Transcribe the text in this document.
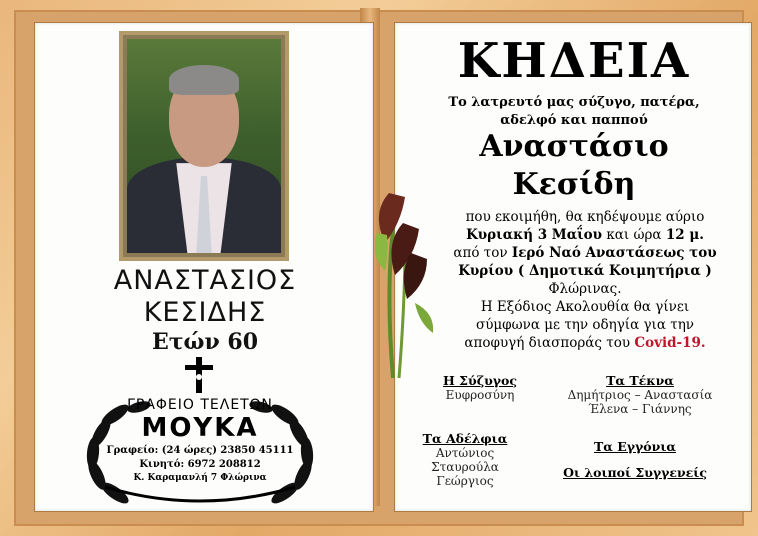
ΑΝΑΣΤΑΣΙΟΣ
ΚΕΣΙΔΗΣ
Ετών 60
ΓΡΑΦΕΙΟ ΤΕΛΕΤΩΝ
ΜΟΥΚΑ
Γραφείο: (24 ώρες) 23850 45111
Κινητό: 6972 208812
Κ. Καραμανλή 7 Φλώρινα
ΚΗΔΕΙΑ
Το λατρευτό μας σύζυγο, πατέρα,
αδελφό και παππού
Αναστάσιο
Κεσίδη
που εκοιμήθη, θα κηδέψουμε αύριο
Κυριακή 3 Μαΐου και ώρα 12 μ.
από τον Ιερό Ναό Αναστάσεως του
Κυρίου ( Δημοτικά Κοιμητήρια )
Φλώρινας.
Η Εξόδιος Ακολουθία θα γίνει
σύμφωνα με την οδηγία για την
αποφυγή διασποράς του Covid-19.
Η Σύζυγος
Ευφροσύνη
Τα Τέκνα
Δημήτριος – Αναστασία
Έλενα – Γιάννης
Τα Αδέλφια
Αντώνιος
Σταυρούλα
Γεώργιος
Τα Εγγόνια
Οι λοιποί Συγγενείς
